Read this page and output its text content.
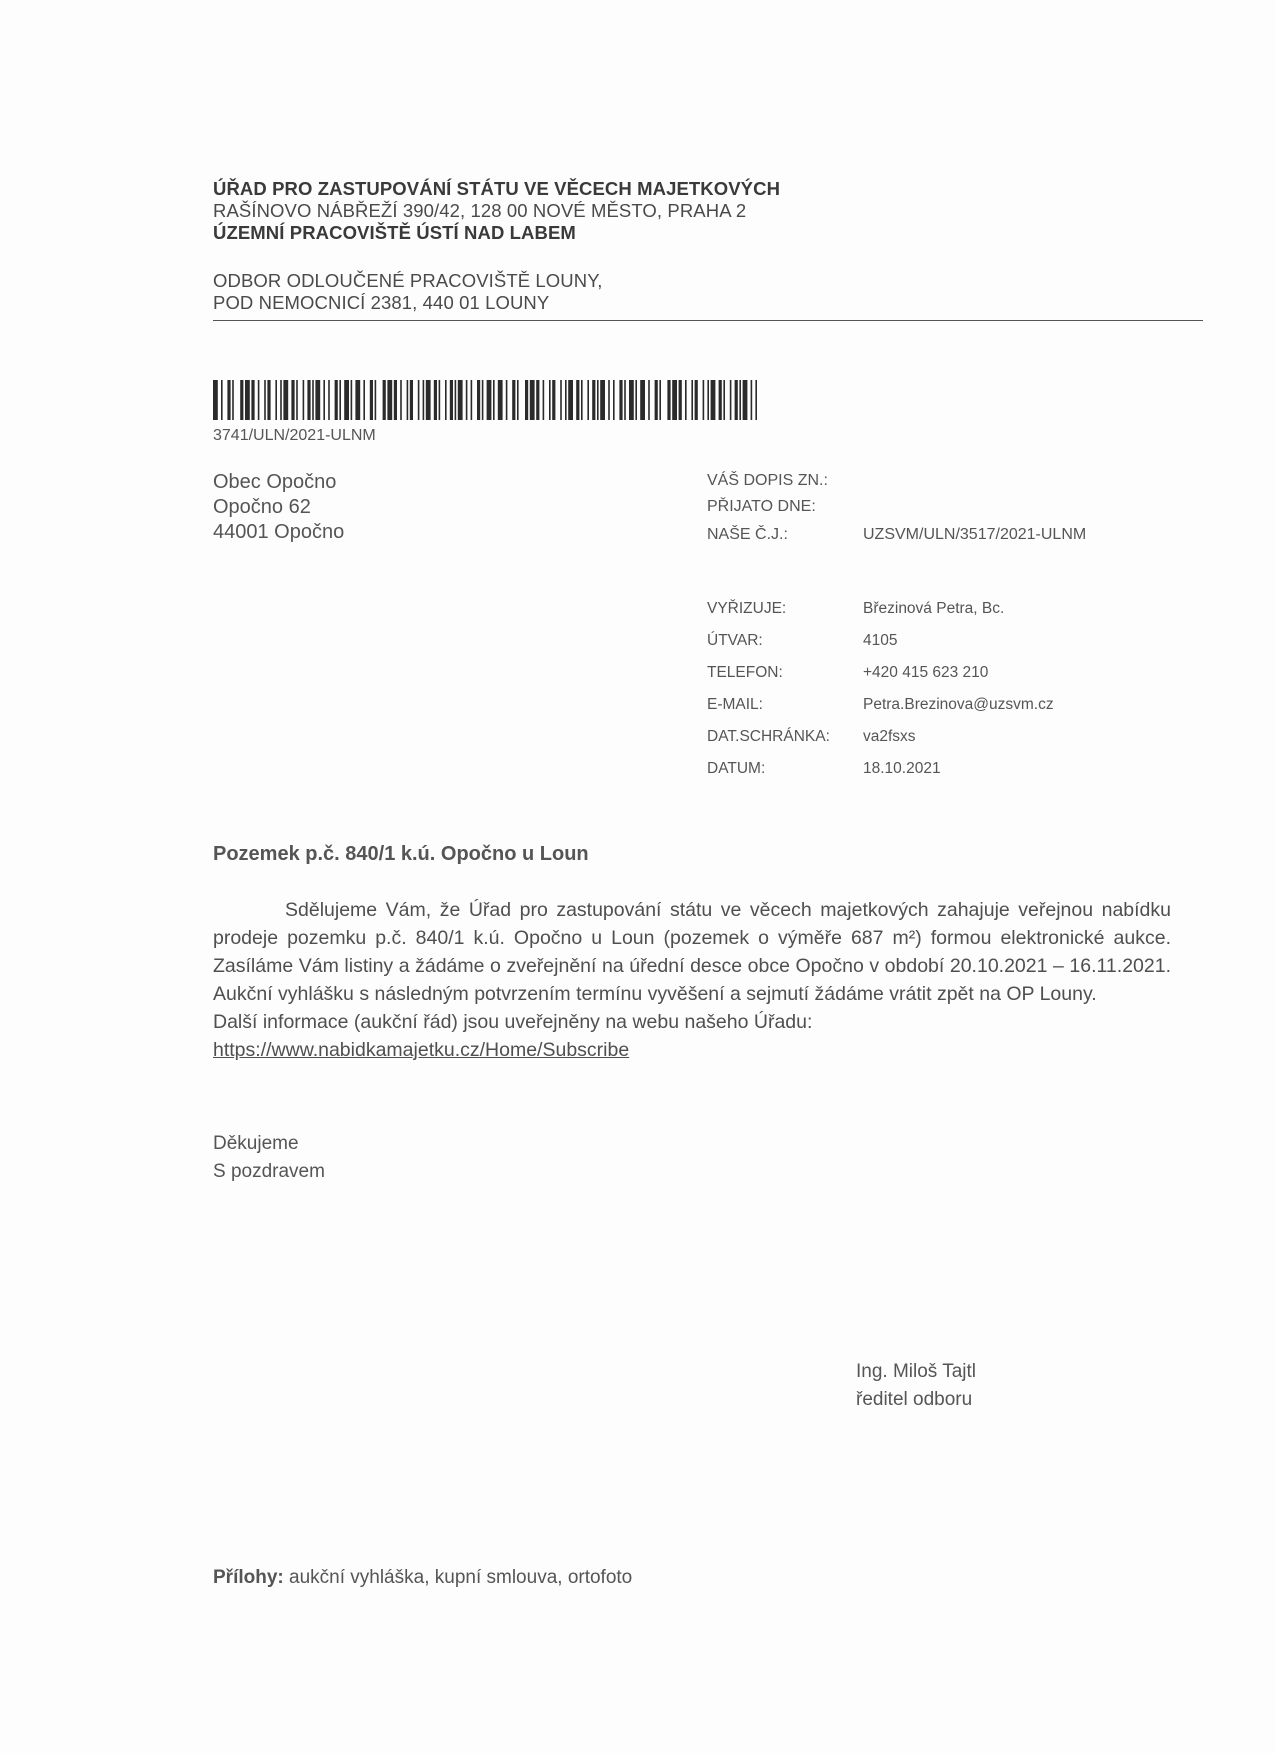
ÚŘAD PRO ZASTUPOVÁNÍ STÁTU VE VĚCECH MAJETKOVÝCH
RAŠÍNOVO NÁBŘEŽÍ 390/42, 128 00 NOVÉ MĚSTO, PRAHA 2
ÚZEMNÍ PRACOVIŠTĚ ÚSTÍ NAD LABEM
ODBOR ODLOUČENÉ PRACOVIŠTĚ LOUNY,
POD NEMOCNICÍ 2381, 440 01 LOUNY
3741/ULN/2021-ULNM
Obec Opočno
Opočno 62
44001 Opočno
VÁŠ DOPIS ZN.:
PŘIJATO DNE:
NAŠE Č.J.:	UZSVM/ULN/3517/2021-ULNM
VYŘIZUJE:	Březinová Petra, Bc.
ÚTVAR:	4105
TELEFON:	+420 415 623 210
E-MAIL:	Petra.Brezinova@uzsvm.cz
DAT.SCHRÁNKA: va2fsxs
DATUM:	18.10.2021
Pozemek p.č. 840/1 k.ú. Opočno u Loun
Sdělujeme Vám, že Úřad pro zastupování státu ve věcech majetkových zahajuje veřejnou nabídku prodeje pozemku p.č. 840/1 k.ú. Opočno u Loun (pozemek o výměře 687 m²) formou elektronické aukce. Zasíláme Vám listiny a žádáme o zveřejnění na úřední desce obce Opočno v období 20.10.2021 – 16.11.2021. Aukční vyhlášku s následným potvrzením termínu vyvěšení a sejmutí žádáme vrátit zpět na OP Louny.
Další informace (aukční řád) jsou uveřejněny na webu našeho Úřadu:
https://www.nabidkamajetku.cz/Home/Subscribe
Děkujeme
S pozdravem
Ing. Miloš Tajtl
ředitel odboru
Přílohy: aukční vyhláška, kupní smlouva, ortofoto
